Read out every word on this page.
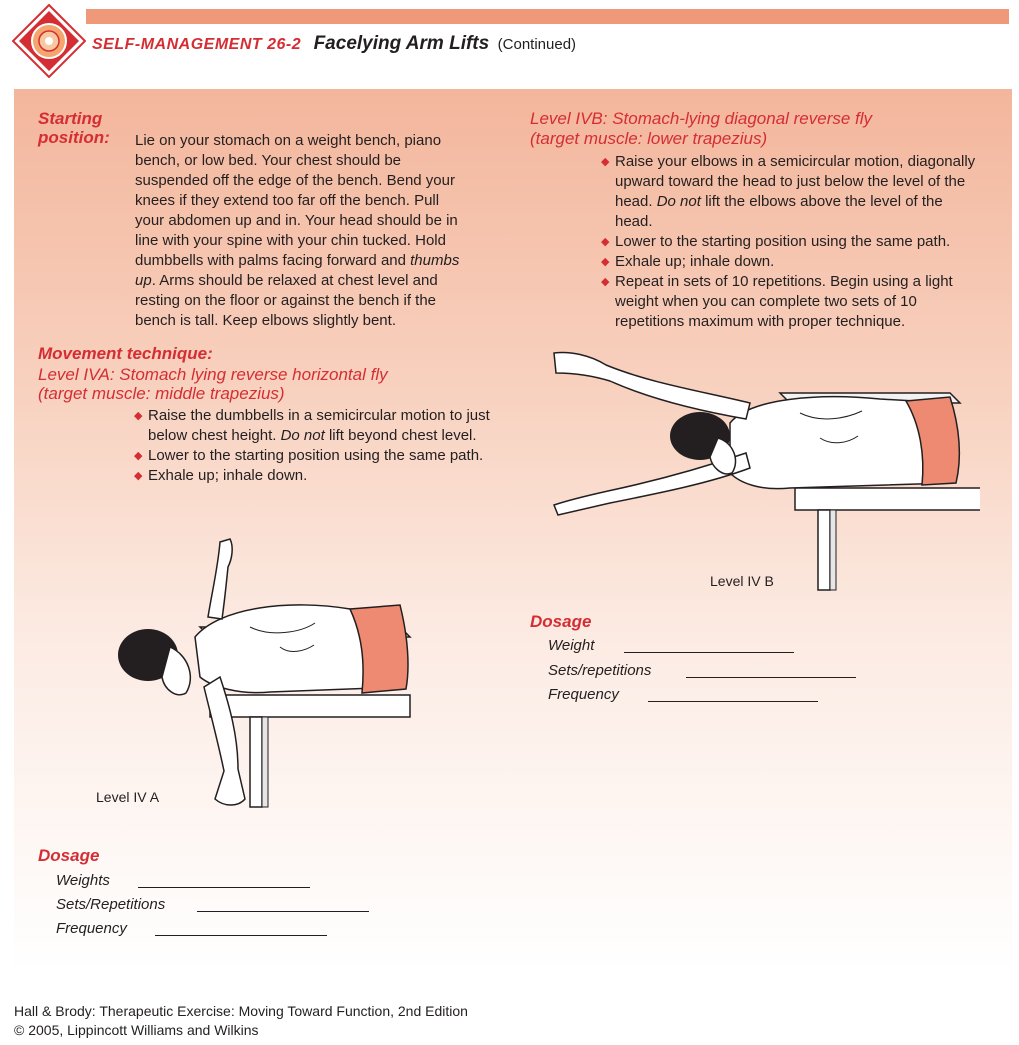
SELF-MANAGEMENT 26-2 Facelying Arm Lifts (Continued)
Starting
position: Lie on your stomach on a weight bench, piano bench, or low bed. Your chest should be suspended off the edge of the bench. Bend your knees if they extend too far off the bench. Pull your abdomen up and in. Your head should be in line with your spine with your chin tucked. Hold dumbbells with palms facing forward and thumbs up. Arms should be relaxed at chest level and resting on the floor or against the bench if the bench is tall. Keep elbows slightly bent.
Movement technique:
Level IVA: Stomach lying reverse horizontal fly
(target muscle: middle trapezius)
◆ Raise the dumbbells in a semicircular motion to just below chest height. Do not lift beyond chest level.
◆ Lower to the starting position using the same path.
◆ Exhale up; inhale down.
Level IV A
Dosage
Weights
Sets/Repetitions
Frequency
Level IVB: Stomach-lying diagonal reverse fly
(target muscle: lower trapezius)
◆ Raise your elbows in a semicircular motion, diagonally upward toward the head to just below the level of the head. Do not lift the elbows above the level of the head.
◆ Lower to the starting position using the same path.
◆ Exhale up; inhale down.
◆ Repeat in sets of 10 repetitions. Begin using a light weight when you can complete two sets of 10 repetitions maximum with proper technique.
Level IV B
Dosage
Weight
Sets/repetitions
Frequency
Hall & Brody: Therapeutic Exercise: Moving Toward Function, 2nd Edition
© 2005, Lippincott Williams and Wilkins
